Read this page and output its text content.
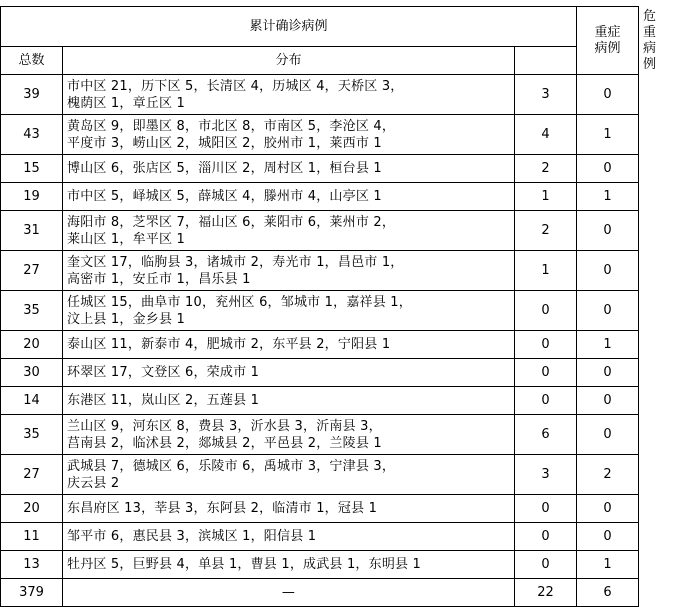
	累计确诊病例			重症
病例	危重
病例

	总数	分布			
	39	市中区 21，历下区 5，长清区 4，历城区 4，天桥区 3，
槐荫区 1，章丘区 1	3	0	
	43	黄岛区 9，即墨区 8，市北区 8，市南区 5，李沧区 4，
平度市 3，崂山区 2，城阳区 2，胶州市 1，莱西市 1	4	1	
	15	博山区 6，张店区 5，淄川区 2，周村区 1，桓台县 1	2	0	
	19	市中区 5，峄城区 5，薛城区 4，滕州市 4，山亭区 1	1	1	
	31	海阳市 8，芝罘区 7，福山区 6，莱阳市 6，莱州市 2，
莱山区 1，牟平区 1	2	0	
	27	奎文区 17，临朐县 3，诸城市 2，寿光市 1，昌邑市 1，
高密市 1，安丘市 1，昌乐县 1	1	0	
	35	任城区 15，曲阜市 10，兖州区 6，邹城市 1，嘉祥县 1，
汶上县 1，金乡县 1	0	0	
	20	泰山区 11，新泰市 4，肥城市 2，东平县 2，宁阳县 1	0	1	
	30	环翠区 17，文登区 6，荣成市 1	0	0	
	14	东港区 11，岚山区 2，五莲县 1	0	0	
	35	兰山区 9，河东区 8，费县 3，沂水县 3，沂南县 3，
莒南县 2，临沭县 2，郯城县 2，平邑县 2，兰陵县 1	6	0	
	27	武城县 7，德城区 6，乐陵市 6，禹城市 3，宁津县 3，
庆云县 2	3	2	
	20	东昌府区 13，莘县 3，东阿县 2，临清市 1，冠县 1	0	0	
	11	邹平市 6，惠民县 3，滨城区 1，阳信县 1	0	0	
	13	牡丹区 5，巨野县 4，单县 1，曹县 1，成武县 1，东明县 1	0	1	
	379	—	22	6	
